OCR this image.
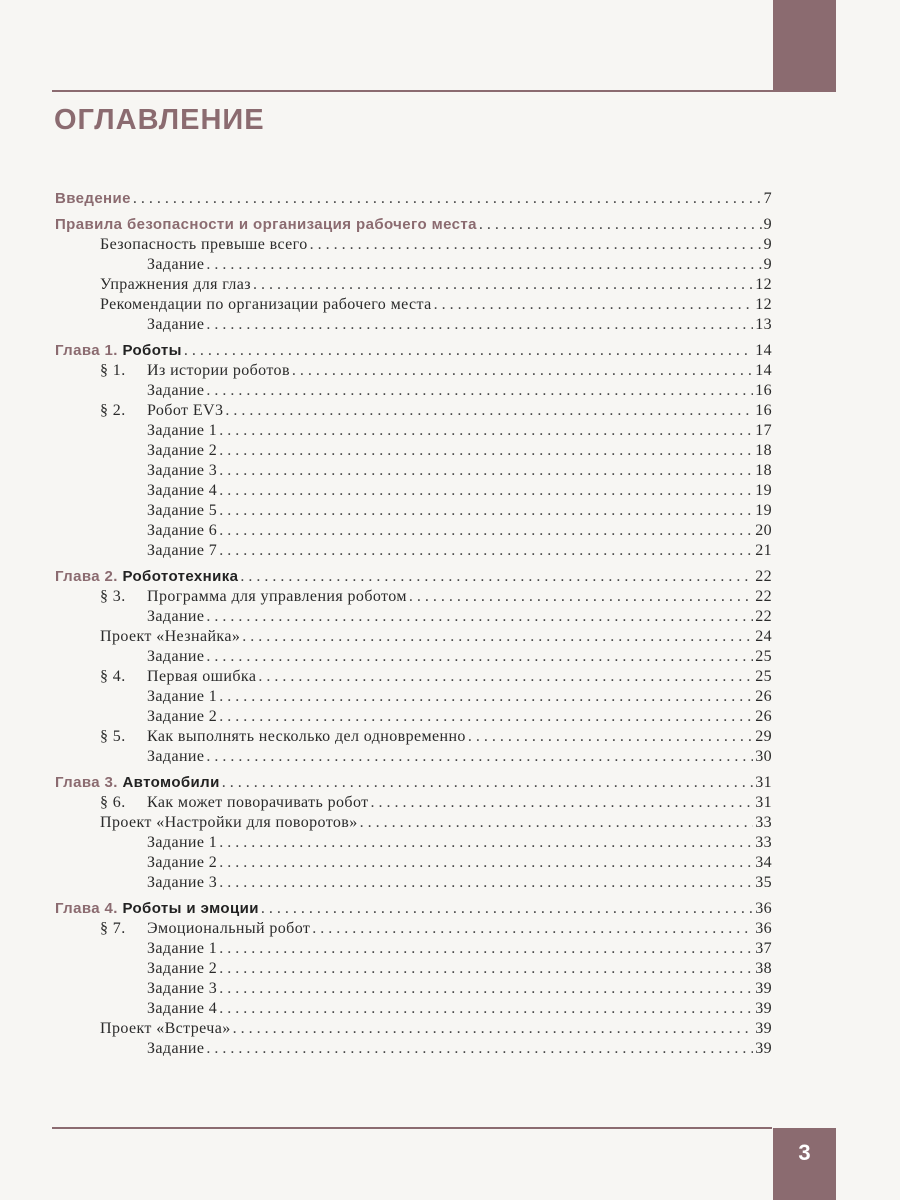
ОГЛАВЛЕНИЕ
Введение . . .	7
Правила безопасности и организация рабочего места . . .	9
Безопасность превыше всего . . .	9
Задание . . .	9
Упражнения для глаз . . .	12
Рекомендации по организации рабочего места . . .	12
Задание . . .	13
Глава 1. Роботы . . .	14
§ 1. Из истории роботов . . .	14
Задание . . .	16
§ 2. Робот EV3 . . .	16
Задание 1 . . .	17
Задание 2 . . .	18
Задание 3 . . .	18
Задание 4 . . .	19
Задание 5 . . .	19
Задание 6 . . .	20
Задание 7 . . .	21
Глава 2. Робототехника . . .	22
§ 3. Программа для управления роботом . . .	22
Задание . . .	22
Проект «Незнайка» . . .	24
Задание . . .	25
§ 4. Первая ошибка . . .	25
Задание 1 . . .	26
Задание 2 . . .	26
§ 5. Как выполнять несколько дел одновременно . . .	29
Задание . . .	30
Глава 3. Автомобили . . .	31
§ 6. Как может поворачивать робот . . .	31
Проект «Настройки для поворотов» . . .	33
Задание 1 . . .	33
Задание 2 . . .	34
Задание 3 . . .	35
Глава 4. Роботы и эмоции . . .	36
§ 7. Эмоциональный робот . . .	36
Задание 1 . . .	37
Задание 2 . . .	38
Задание 3 . . .	39
Задание 4 . . .	39
Проект «Встреча» . . .	39
Задание . . .	39
3
